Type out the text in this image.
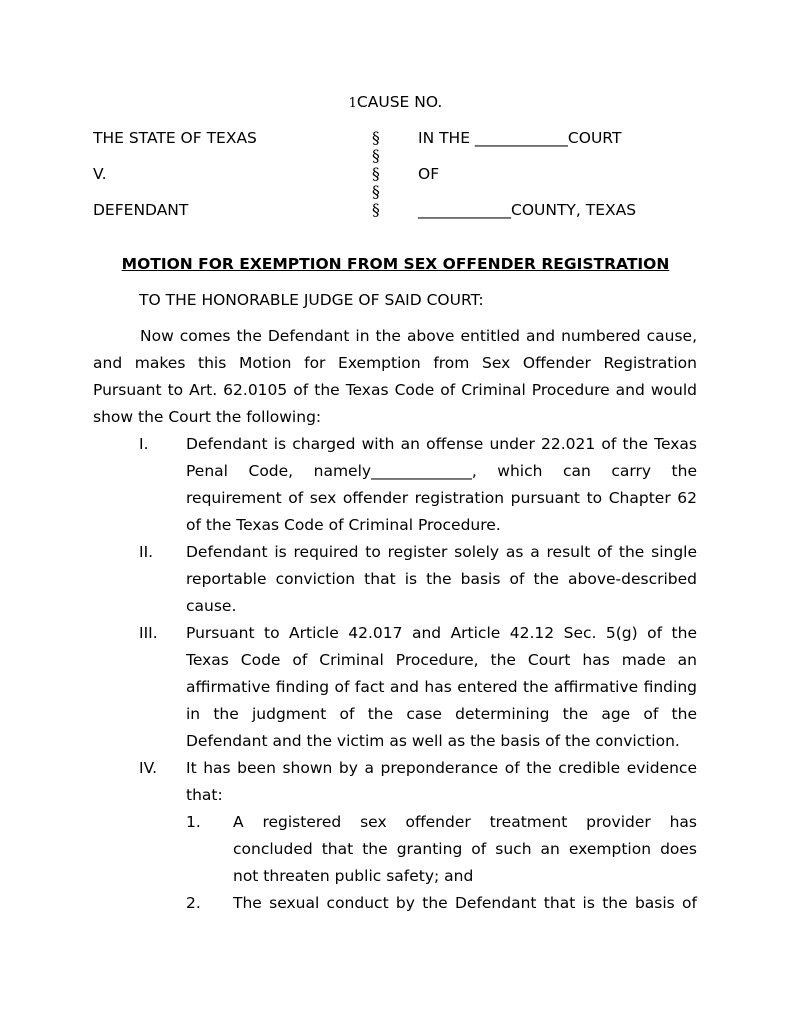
1CAUSE NO.
THE STATE OF TEXAS	§ IN THE ____________COURT
§
V.	§ OF
§
DEFENDANT	§ ____________COUNTY, TEXAS
MOTION FOR EXEMPTION FROM SEX OFFENDER REGISTRATION
TO THE HONORABLE JUDGE OF SAID COURT:
Now comes the Defendant in the above entitled and numbered cause,
and makes this Motion for Exemption from Sex Offender Registration
Pursuant to Art. 62.0105 of the Texas Code of Criminal Procedure and would
show the Court the following:
I. Defendant is charged with an offense under 22.021 of the Texas
Penal Code, namely_____________, which can carry the
requirement of sex offender registration pursuant to Chapter 62
of the Texas Code of Criminal Procedure.
II. Defendant is required to register solely as a result of the single
reportable conviction that is the basis of the above-described
cause.
III. Pursuant to Article 42.017 and Article 42.12 Sec. 5(g) of the
Texas Code of Criminal Procedure, the Court has made an
affirmative finding of fact and has entered the affirmative finding
in the judgment of the case determining the age of the
Defendant and the victim as well as the basis of the conviction.
IV. It has been shown by a preponderance of the credible evidence
that:
1. A registered sex offender treatment provider has
concluded that the granting of such an exemption does
not threaten public safety; and
2. The sexual conduct by the Defendant that is the basis of
